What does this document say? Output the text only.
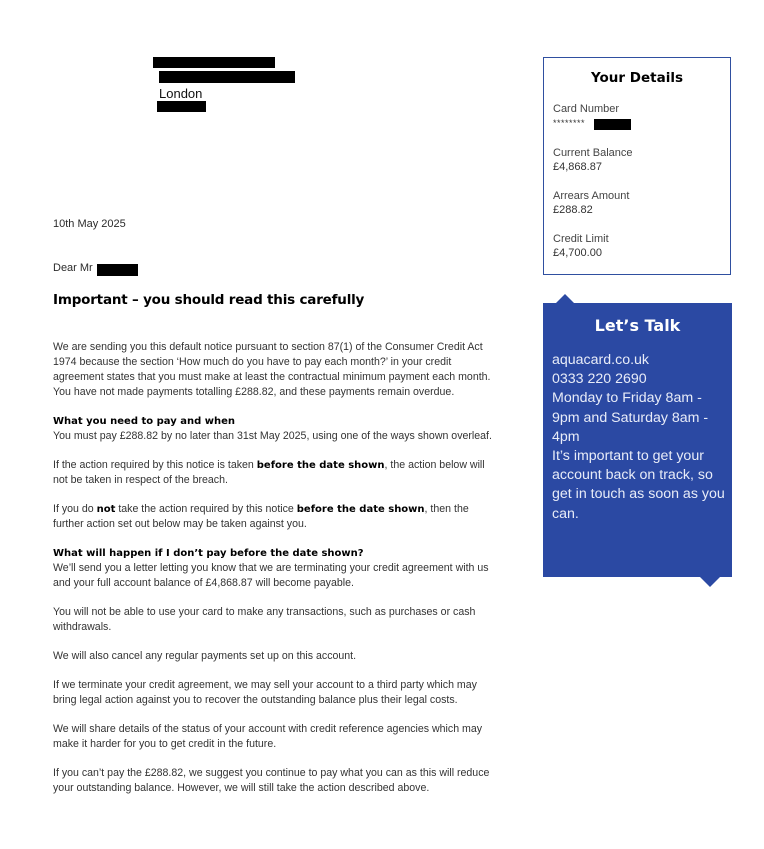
London
10th May 2025
Dear Mr
Important – you should read this carefully

We are sending you this default notice pursuant to section 87(1) of the Consumer Credit Act 1974 because the section ‘How much do you have to pay each month?’ in your credit agreement states that you must make at least the contractual minimum payment each month. You have not made payments totalling £288.82, and these payments remain overdue.

What you need to pay and when
You must pay £288.82 by no later than 31st May 2025, using one of the ways shown overleaf.

If the action required by this notice is taken before the date shown, the action below will not be taken in respect of the breach.

If you do not take the action required by this notice before the date shown, then the further action set out below may be taken against you.

What will happen if I don’t pay before the date shown?
We’ll send you a letter letting you know that we are terminating your credit agreement with us and your full account balance of £4,868.87 will become payable.

You will not be able to use your card to make any transactions, such as purchases or cash withdrawals.

We will also cancel any regular payments set up on this account.

If we terminate your credit agreement, we may sell your account to a third party which may bring legal action against you to recover the outstanding balance plus their legal costs.

We will share details of the status of your account with credit reference agencies which may make it harder for you to get credit in the future.

If you can’t pay the £288.82, we suggest you continue to pay what you can as this will reduce your outstanding balance. However, we will still take the action described above.

Your Details
Card Number
********
Current Balance
£4,868.87
Arrears Amount
£288.82
Credit Limit
£4,700.00
Let’s Talk
aquacard.co.uk
0333 220 2690
Monday to Friday 8am - 9pm and Saturday 8am - 4pm
It’s important to get your account back on track, so get in touch as soon as you can.
